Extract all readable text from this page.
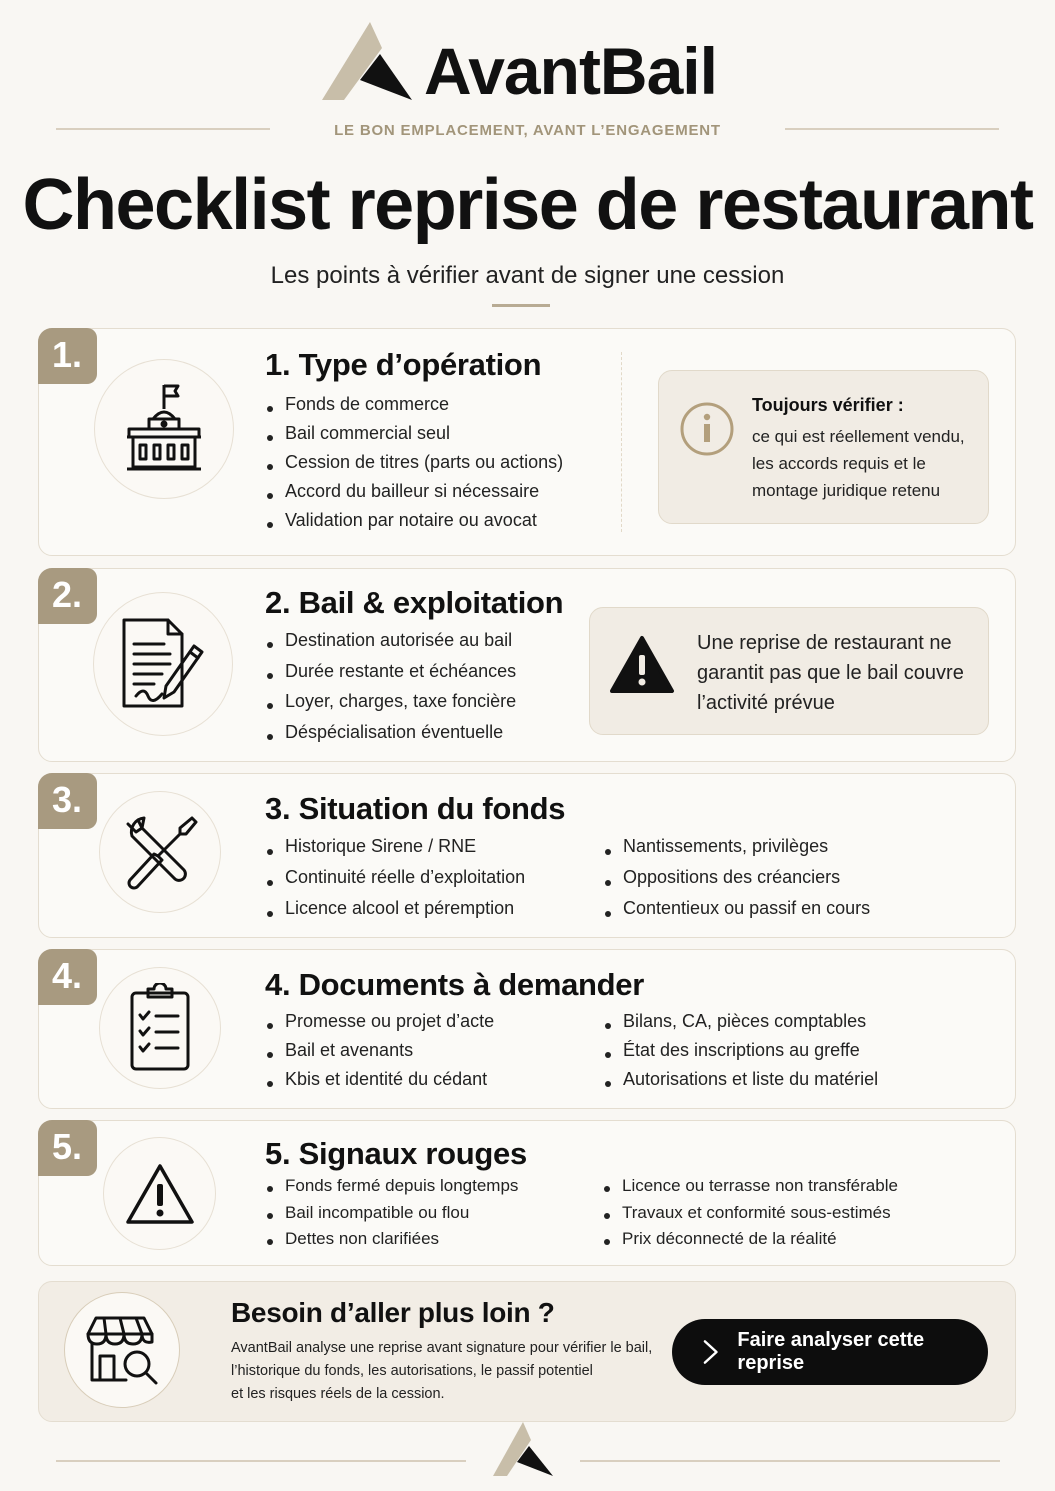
AvantBail
LE BON EMPLACEMENT, AVANT L’ENGAGEMENT
Checklist reprise de restaurant
Les points à vérifier avant de signer une cession
1.	1. Type d’opération
Fonds de commerce
Bail commercial seul
Cession de titres (parts ou actions)
Accord du bailleur si nécessaire
Validation par notaire ou avocat
Toujours vérifier :
ce qui est réellement vendu, les accords requis et le montage juridique retenu
2.	2. Bail & exploitation
Destination autorisée au bail
Durée restante et échéances
Loyer, charges, taxe foncière
Déspécialisation éventuelle
Une reprise de restaurant ne garantit pas que le bail couvre l’activité prévue
3.	3. Situation du fonds
Historique Sirene / RNE
Continuité réelle d’exploitation
Licence alcool et péremption
Nantissements, privilèges
Oppositions des créanciers
Contentieux ou passif en cours
4.	4. Documents à demander
Promesse ou projet d’acte
Bail et avenants
Kbis et identité du cédant
Bilans, CA, pièces comptables
État des inscriptions au greffe
Autorisations et liste du matériel
5.	5. Signaux rouges
Fonds fermé depuis longtemps
Bail incompatible ou flou
Dettes non clarifiées
Licence ou terrasse non transférable
Travaux et conformité sous-estimés
Prix déconnecté de la réalité
Besoin d’aller plus loin ?
AvantBail analyse une reprise avant signature pour vérifier le bail,
l’historique du fonds, les autorisations, le passif potentiel
et les risques réels de la cession.
Faire analyser cette reprise
